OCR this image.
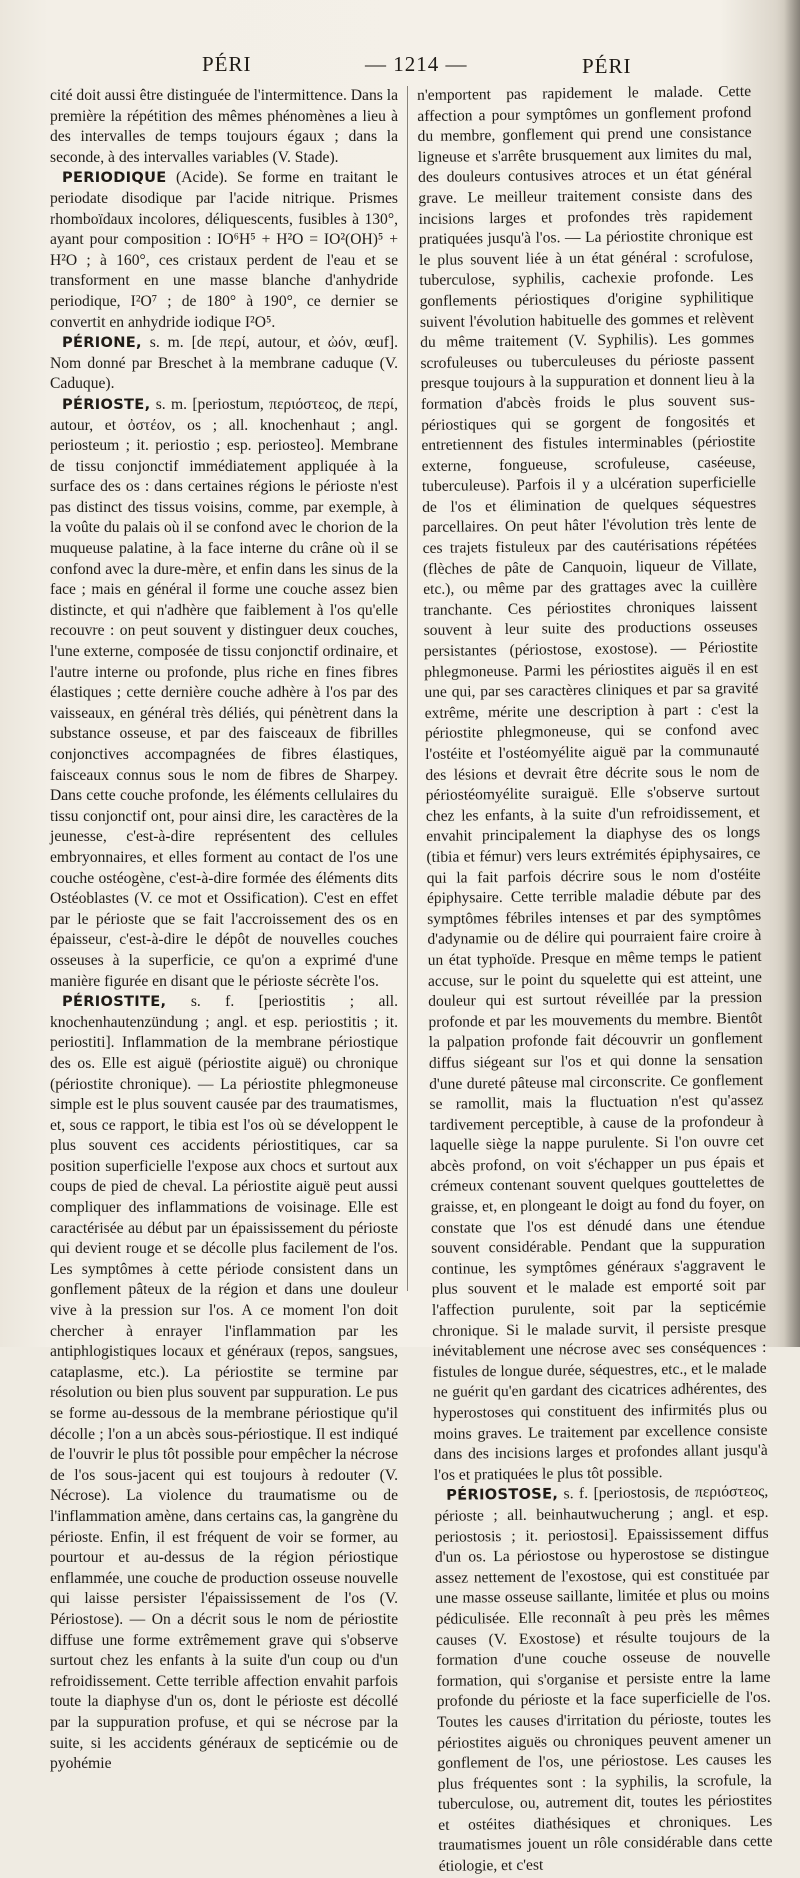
PÉRI	— 1214 —	PÉRI

cité doit aussi être distinguée de l'intermittence. Dans la première la répétition des mêmes phénomènes a lieu à des intervalles de temps toujours égaux ; dans la seconde, à des intervalles variables (V. Stade).

PERIODIQUE (Acide). Se forme en traitant le periodate disodique par l'acide nitrique. Prismes rhomboïdaux incolores, déliquescents, fusibles à 130°, ayant pour composition : IO⁶H⁵ + H²O = IO²(OH)⁵ + H²O ; à 160°, ces cristaux perdent de l'eau et se transforment en une masse blanche d'anhydride periodique, I²O⁷ ; de 180° à 190°, ce dernier se convertit en anhydride iodique I²O⁵.

PÉRIONE, s. m. [de περί, autour, et ὠόν, œuf]. Nom donné par Breschet à la membrane caduque (V. Caduque).

PÉRIOSTE, s. m. [periostum, περιόστεος, de περί, autour, et ὀστέον, os ; all. knochenhaut ; angl. periosteum ; it. periostio ; esp. periosteo]. Membrane de tissu conjonctif immédiatement appliquée à la surface des os : dans certaines régions le périoste n'est pas distinct des tissus voisins, comme, par exemple, à la voûte du palais où il se confond avec le chorion de la muqueuse palatine, à la face interne du crâne où il se confond avec la dure-mère, et enfin dans les sinus de la face ; mais en général il forme une couche assez bien distincte, et qui n'adhère que faiblement à l'os qu'elle recouvre : on peut souvent y distinguer deux couches, l'une externe, composée de tissu conjonctif ordinaire, et l'autre interne ou profonde, plus riche en fines fibres élastiques ; cette dernière couche adhère à l'os par des vaisseaux, en général très déliés, qui pénètrent dans la substance osseuse, et par des faisceaux de fibrilles conjonctives accompagnées de fibres élastiques, faisceaux connus sous le nom de fibres de Sharpey. Dans cette couche profonde, les éléments cellulaires du tissu conjonctif ont, pour ainsi dire, les caractères de la jeunesse, c'est-à-dire représentent des cellules embryonnaires, et elles forment au contact de l'os une couche ostéogène, c'est-à-dire formée des éléments dits Ostéoblastes (V. ce mot et Ossification). C'est en effet par le périoste que se fait l'accroissement des os en épaisseur, c'est-à-dire le dépôt de nouvelles couches osseuses à la superficie, ce qu'on a exprimé d'une manière figurée en disant que le périoste sécrète l'os.

PÉRIOSTITE, s. f. [periostitis ; all. knochenhautenzündung ; angl. et esp. periostitis ; it. periostiti]. Inflammation de la membrane périostique des os. Elle est aiguë (périostite aiguë) ou chronique (périostite chronique). — La périostite phlegmoneuse simple est le plus souvent causée par des traumatismes, et, sous ce rapport, le tibia est l'os où se développent le plus souvent ces accidents périostitiques, car sa position superficielle l'expose aux chocs et surtout aux coups de pied de cheval. La périostite aiguë peut aussi compliquer des inflammations de voisinage. Elle est caractérisée au début par un épaississement du périoste qui devient rouge et se décolle plus facilement de l'os. Les symptômes à cette période consistent dans un gonflement pâteux de la région et dans une douleur vive à la pression sur l'os. A ce moment l'on doit chercher à enrayer l'inflammation par les antiphlogistiques locaux et généraux (repos, sangsues, cataplasme, etc.). La périostite se termine par résolution ou bien plus souvent par suppuration. Le pus se forme au-dessous de la membrane périostique qu'il décolle ; l'on a un abcès sous-périostique. Il est indiqué de l'ouvrir le plus tôt possible pour empêcher la nécrose de l'os sous-jacent qui est toujours à redouter (V. Nécrose). La violence du traumatisme ou de l'inflammation amène, dans certains cas, la gangrène du périoste. Enfin, il est fréquent de voir se former, au pourtour et au-dessus de la région périostique enflammée, une couche de production osseuse nouvelle qui laisse persister l'épaississement de l'os (V. Périostose). — On a décrit sous le nom de périostite diffuse une forme extrêmement grave qui s'observe surtout chez les enfants à la suite d'un coup ou d'un refroidissement. Cette terrible affection envahit parfois toute la diaphyse d'un os, dont le périoste est décollé par la suppuration profuse, et qui se nécrose par la suite, si les accidents généraux de septicémie ou de pyohémie

n'emportent pas rapidement le malade. Cette affection a pour symptômes un gonflement profond du membre, gonflement qui prend une consistance ligneuse et s'arrête brusquement aux limites du mal, des douleurs contusives atroces et un état général grave. Le meilleur traitement consiste dans des incisions larges et profondes très rapidement pratiquées jusqu'à l'os. — La périostite chronique est le plus souvent liée à un état général : scrofulose, tuberculose, syphilis, cachexie profonde. Les gonflements périostiques d'origine syphilitique suivent l'évolution habituelle des gommes et relèvent du même traitement (V. Syphilis). Les gommes scrofuleuses ou tuberculeuses du périoste passent presque toujours à la suppuration et donnent lieu à la formation d'abcès froids le plus souvent sus-périostiques qui se gorgent de fongosités et entretiennent des fistules interminables (périostite externe, fongueuse, scrofuleuse, caséeuse, tuberculeuse). Parfois il y a ulcération superficielle de l'os et élimination de quelques séquestres parcellaires. On peut hâter l'évolution très lente de ces trajets fistuleux par des cautérisations répétées (flèches de pâte de Canquoin, liqueur de Villate, etc.), ou même par des grattages avec la cuillère tranchante. Ces périostites chroniques laissent souvent à leur suite des productions osseuses persistantes (périostose, exostose). — Périostite phlegmoneuse. Parmi les périostites aiguës il en est une qui, par ses caractères cliniques et par sa gravité extrême, mérite une description à part : c'est la périostite phlegmoneuse, qui se confond avec l'ostéite et l'ostéomyélite aiguë par la communauté des lésions et devrait être décrite sous le nom de périostéomyélite suraiguë. Elle s'observe surtout chez les enfants, à la suite d'un refroidissement, et envahit principalement la diaphyse des os longs (tibia et fémur) vers leurs extrémités épiphysaires, ce qui la fait parfois décrire sous le nom d'ostéite épiphysaire. Cette terrible maladie débute par des symptômes fébriles intenses et par des symptômes d'adynamie ou de délire qui pourraient faire croire à un état typhoïde. Presque en même temps le patient accuse, sur le point du squelette qui est atteint, une douleur qui est surtout réveillée par la pression profonde et par les mouvements du membre. Bientôt la palpation profonde fait découvrir un gonflement diffus siégeant sur l'os et qui donne la sensation d'une dureté pâteuse mal circonscrite. Ce gonflement se ramollit, mais la fluctuation n'est qu'assez tardivement perceptible, à cause de la profondeur à laquelle siège la nappe purulente. Si l'on ouvre cet abcès profond, on voit s'échapper un pus épais et crémeux contenant souvent quelques gouttelettes de graisse, et, en plongeant le doigt au fond du foyer, on constate que l'os est dénudé dans une étendue souvent considérable. Pendant que la suppuration continue, les symptômes généraux s'aggravent le plus souvent et le malade est emporté soit par l'affection purulente, soit par la septicémie chronique. Si le malade survit, il persiste presque inévitablement une nécrose avec ses conséquences : fistules de longue durée, séquestres, etc., et le malade ne guérit qu'en gardant des cicatrices adhérentes, des hyperostoses qui constituent des infirmités plus ou moins graves. Le traitement par excellence consiste dans des incisions larges et profondes allant jusqu'à l'os et pratiquées le plus tôt possible.

PÉRIOSTOSE, s. f. [periostosis, de περιόστεος, périoste ; all. beinhautwucherung ; angl. et esp. periostosis ; it. periostosi]. Epaississement diffus d'un os. La périostose ou hyperostose se distingue assez nettement de l'exostose, qui est constituée par une masse osseuse saillante, limitée et plus ou moins pédiculisée. Elle reconnaît à peu près les mêmes causes (V. Exostose) et résulte toujours de la formation d'une couche osseuse de nouvelle formation, qui s'organise et persiste entre la lame profonde du périoste et la face superficielle de l'os. Toutes les causes d'irritation du périoste, toutes les périostites aiguës ou chroniques peuvent amener un gonflement de l'os, une périostose. Les causes les plus fréquentes sont : la syphilis, la scrofule, la tuberculose, ou, autrement dit, toutes les périostites et ostéites diathésiques et chroniques. Les traumatismes jouent un rôle considérable dans cette étiologie, et c'est
